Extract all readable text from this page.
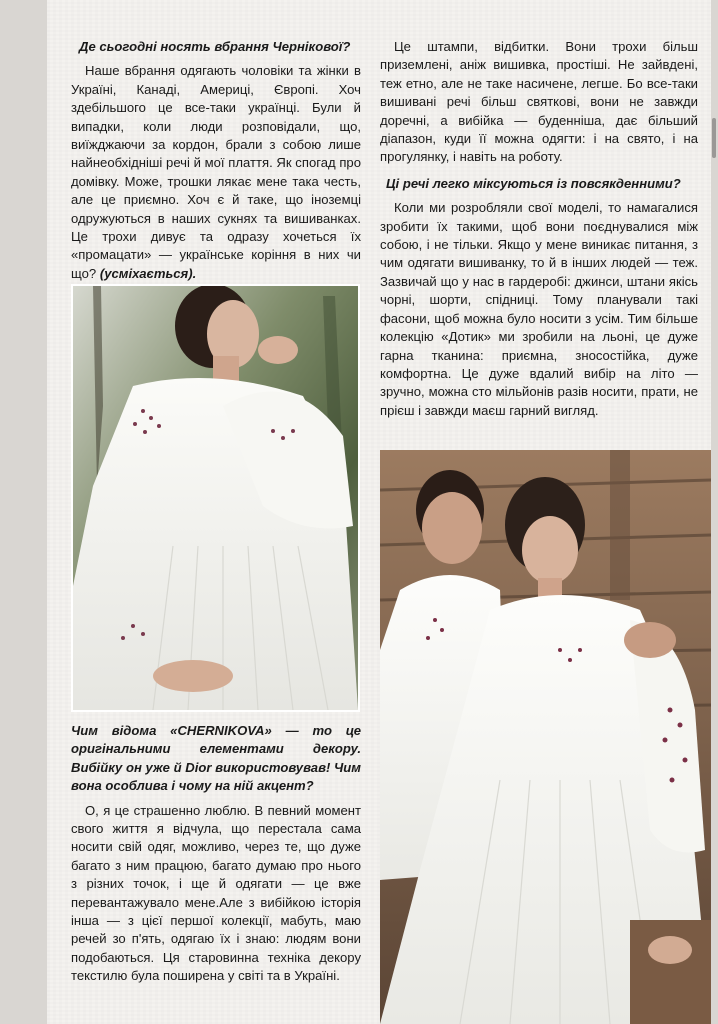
Де сьогодні носять вбрання Чернікової?

Наше вбрання одягають чоловіки та жінки в Україні, Канаді, Америці, Європі. Хоч здебільшого це все-таки українці. Були й випадки, коли люди розповідали, що, виїжджаючи за кордон, брали з собою лише найнеобхідніші речі й мої плаття. Як спогад про домівку. Може, трошки лякає мене така честь, але це приємно. Хоч є й таке, що іноземці одружуються в наших сукнях та вишиванках. Це трохи дивує та одразу хочеться їх «промацати» — українське коріння в них чи що? (усміхається).

Чим відома «CHERNIKOVA» — то це оригінальними елементами декору. Вибійку он уже й Dior використовував! Чим вона особлива і чому на ній акцент?

О, я це страшенно люблю. В певний момент свого життя я відчула, що перестала сама носити свій одяг, можливо, через те, що дуже багато з ним працюю, багато думаю про нього з різних точок, і ще й одягати — це вже перевантажувало мене.Але з вибійкою історія інша — з цієї першої колекції, мабуть, маю речей зо п'ять, одягаю їх і знаю: людям вони подобаються. Ця старовинна техніка декору текстилю була поширена у світі та в Україні.

Це штампи, відбитки. Вони трохи більш приземлені, аніж вишивка, простіші. Не зайвдені, теж етно, але не таке насичене, легше. Бо все-таки вишивані речі більш святкові, вони не завжди доречні, а вибійка — буденніша, дає більший діапазон, куди її можна одягти: і на свято, і на прогулянку, і навіть на роботу.

Ці речі легко міксуються із повсякденними?

Коли ми розробляли свої моделі, то намагалися зробити їх такими, щоб вони поєднувалися між собою, і не тільки. Якщо у мене виникає питання, з чим одягати вишиванку, то й в інших людей — теж. Зазвичай що у нас в гардеробі: джинси, штани якісь чорні, шорти, спідниці. Тому планували такі фасони, щоб можна було носити з усім. Тим більше колекцію «Дотик» ми зробили на льоні, це дуже гарна тканина: приємна, зносостійка, дуже комфортна. Це дуже вдалий вибір на літо — зручно, можна сто мільйонів разів носити, прати, не прієш і завжди маєш гарний вигляд.
